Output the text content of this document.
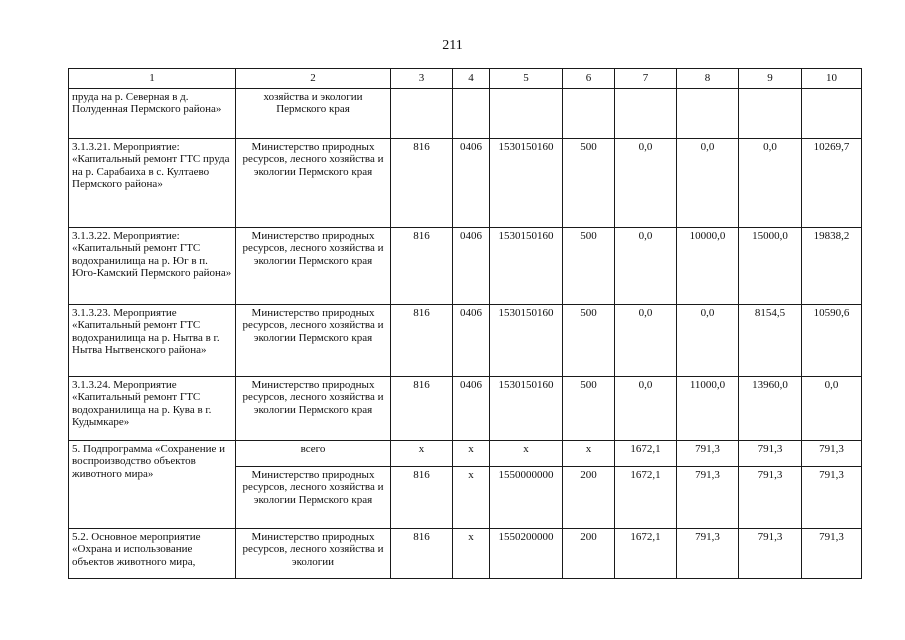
211
1	2	3	4	5	6	7	8	9	10
пруда на р. Северная в д. Полуденная Пермского района»	хозяйства и экологии Пермского края								
3.1.3.21. Мероприятие: «Капитальный ремонт ГТС пруда на р. Сарабаиха в с. Култаево Пермского района»	Министерство природных ресурсов, лесного хозяйства и экологии Пермского края	816	0406	1530150160	500	0,0	0,0	0,0	10269,7
3.1.3.22. Мероприятие: «Капитальный ремонт ГТС водохранилища на р. Юг в п. Юго-Камский Пермского района»	Министерство природных ресурсов, лесного хозяйства и экологии Пермского края	816	0406	1530150160	500	0,0	10000,0	15000,0	19838,2
3.1.3.23. Мероприятие «Капитальный ремонт ГТС водохранилища на р. Нытва в г. Нытва Нытвенского района»	Министерство природных ресурсов, лесного хозяйства и экологии Пермского края	816	0406	1530150160	500	0,0	0,0	8154,5	10590,6
3.1.3.24. Мероприятие «Капитальный ремонт ГТС водохранилища на р. Кува в г. Кудымкаре»	Министерство природных ресурсов, лесного хозяйства и экологии Пермского края	816	0406	1530150160	500	0,0	11000,0	13960,0	0,0
5. Подпрограмма «Сохранение и воспроизводство объектов животного мира»	всего	х	х	х	х	1672,1	791,3	791,3	791,3
	Министерство природных ресурсов, лесного хозяйства и экологии Пермского края	816	х	1550000000	200	1672,1	791,3	791,3	791,3
5.2. Основное мероприятие «Охрана и использование объектов животного мира,	Министерство природных ресурсов, лесного хозяйства и экологии	816	х	1550200000	200	1672,1	791,3	791,3	791,3
